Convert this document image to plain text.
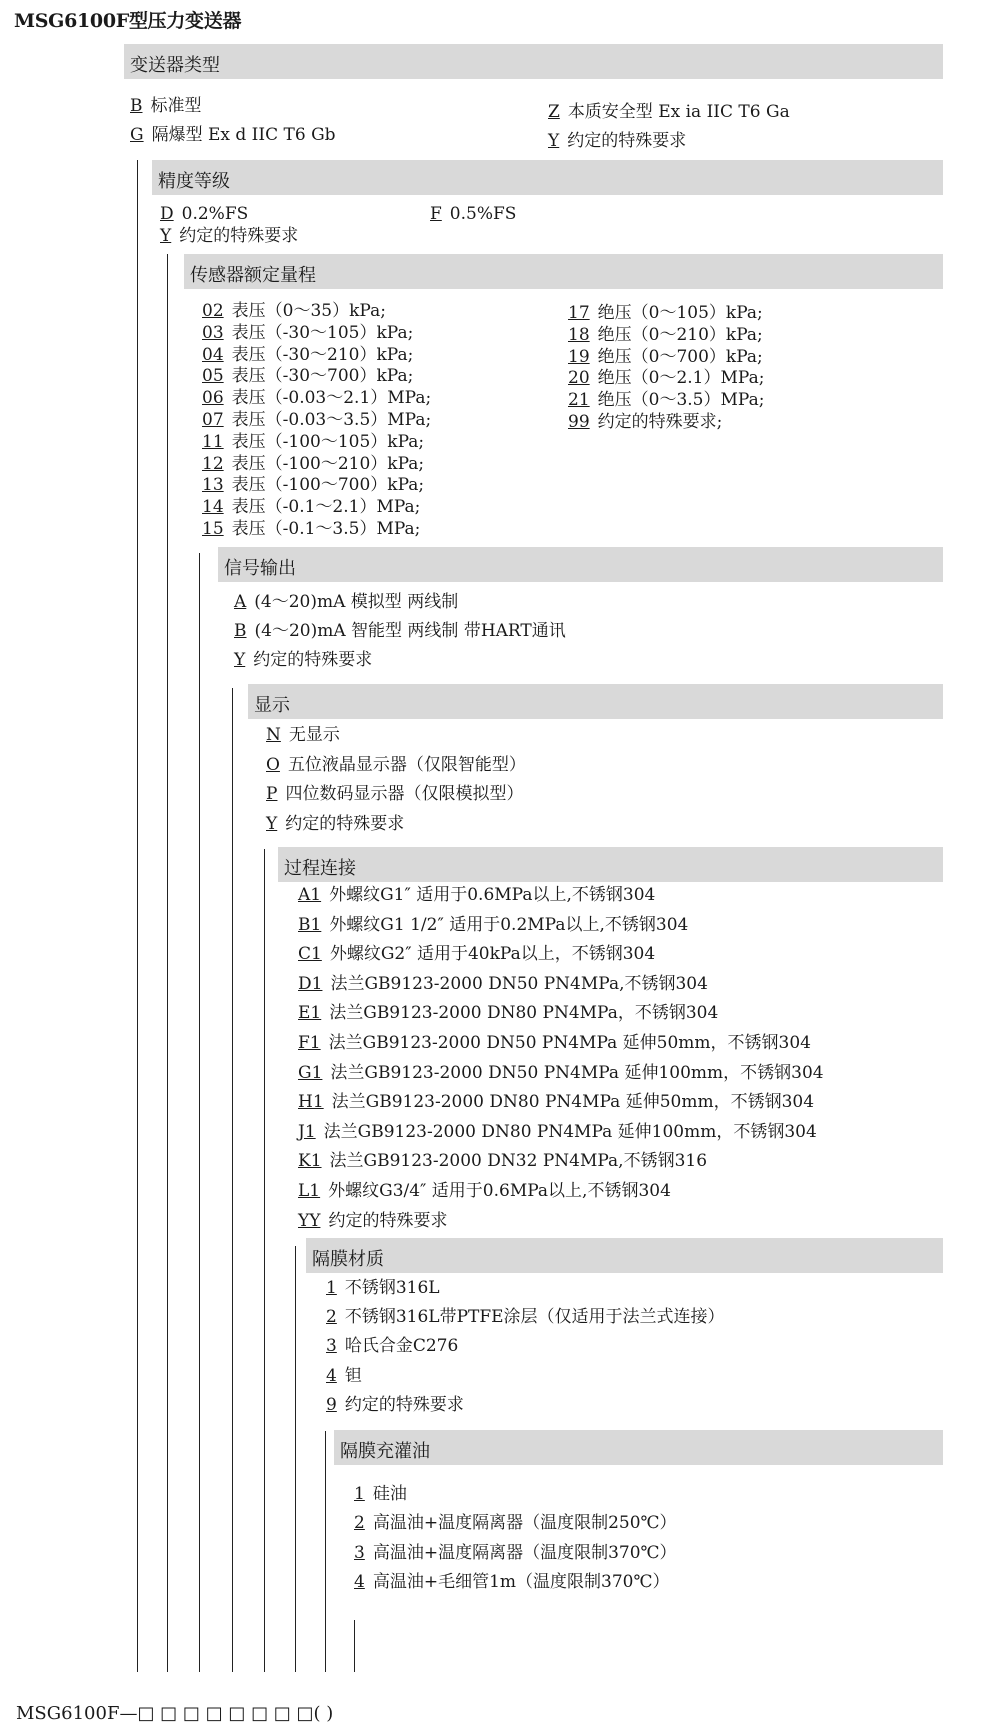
MSG6100F型压力变送器
变送器类型
精度等级
传感器额定量程
信号输出
显示
过程连接
隔膜材质
隔膜充灌油
B 标准型
G 隔爆型 Ex d IIC T6 Gb
Z 本质安全型 Ex ia IIC T6 Ga
Y 约定的特殊要求
D 0.2%FS	F 0.5%FS
Y 约定的特殊要求
02 表压（0～35）kPa;
03 表压（-30～105）kPa;
04 表压（-30～210）kPa;
05 表压（-30～700）kPa;
06 表压（-0.03～2.1）MPa;
07 表压（-0.03～3.5）MPa;
11 表压（-100～105）kPa;
12 表压（-100～210）kPa;
13 表压（-100～700）kPa;
14 表压（-0.1～2.1）MPa;
15 表压（-0.1～3.5）MPa;
17 绝压（0～105）kPa;
18 绝压（0～210）kPa;
19 绝压（0～700）kPa;
20 绝压（0～2.1）MPa;
21 绝压（0～3.5）MPa;
99 约定的特殊要求;
A (4～20)mA 模拟型 两线制
B (4～20)mA 智能型 两线制 带HART通讯
Y 约定的特殊要求
N 无显示
O 五位液晶显示器（仅限智能型）
P 四位数码显示器（仅限模拟型）
Y 约定的特殊要求
A1 外螺纹G1″ 适用于0.6MPa以上,不锈钢304
B1 外螺纹G1 1/2″ 适用于0.2MPa以上,不锈钢304
C1 外螺纹G2″ 适用于40kPa以上，不锈钢304
D1 法兰GB9123-2000 DN50 PN4MPa,不锈钢304
E1 法兰GB9123-2000 DN80 PN4MPa，不锈钢304
F1 法兰GB9123-2000 DN50 PN4MPa 延伸50mm，不锈钢304
G1 法兰GB9123-2000 DN50 PN4MPa 延伸100mm，不锈钢304
H1 法兰GB9123-2000 DN80 PN4MPa 延伸50mm，不锈钢304
J1 法兰GB9123-2000 DN80 PN4MPa 延伸100mm，不锈钢304
K1 法兰GB9123-2000 DN32 PN4MPa,不锈钢316
L1 外螺纹G3/4″ 适用于0.6MPa以上,不锈钢304
YY 约定的特殊要求
1 不锈钢316L
2 不锈钢316L带PTFE涂层（仅适用于法兰式连接）
3 哈氏合金C276
4 钽
9 约定的特殊要求
1 硅油
2 高温油+温度隔离器（温度限制250℃）
3 高温油+温度隔离器（温度限制370℃）
4 高温油+毛细管1m（温度限制370℃）
MSG6100F—□ □ □ □ □ □ □ □( )
